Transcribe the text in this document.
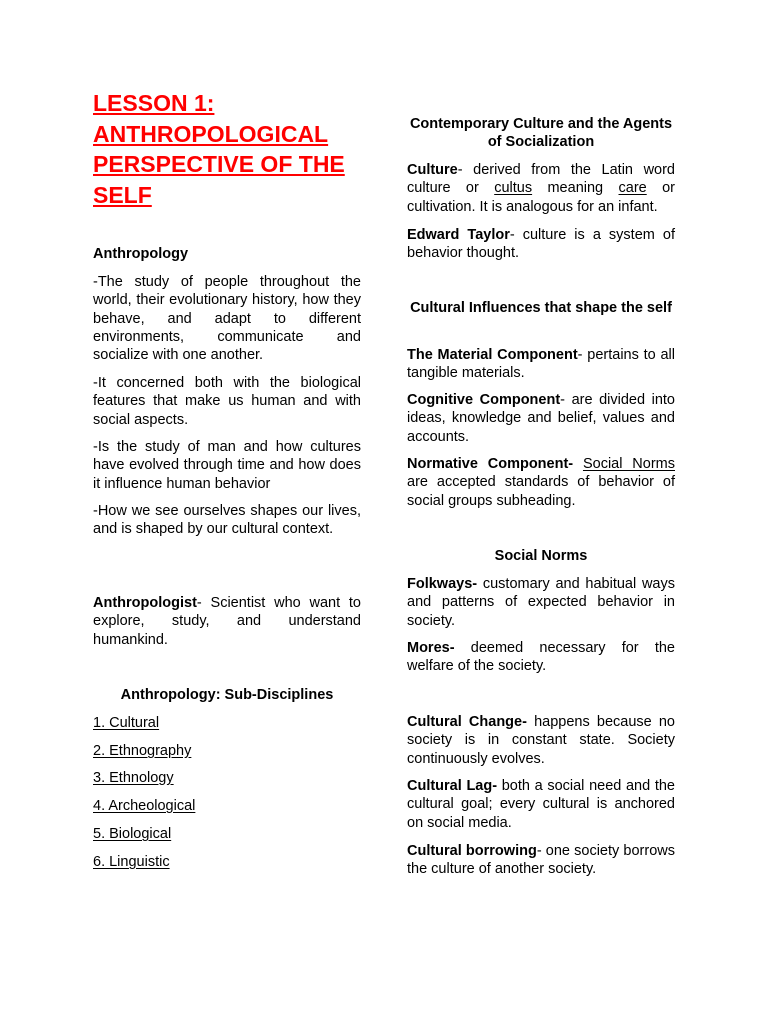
LESSON 1: ANTHROPOLOGICAL PERSPECTIVE OF THE SELF

Anthropology

-The study of people throughout the world, their evolutionary history, how they behave, and adapt to different environments, communicate and socialize with one another.

-It concerned both with the biological features that make us human and with social aspects.

-Is the study of man and how cultures have evolved through time and how does it influence human behavior

-How we see ourselves shapes our lives, and is shaped by our cultural context.

Anthropologist- Scientist who want to explore, study, and understand humankind.

Anthropology: Sub-Disciplines

1. Cultural

2. Ethnography

3. Ethnology

4. Archeological

5. Biological

6. Linguistic

Contemporary Culture and the Agents of Socialization

Culture- derived from the Latin word culture or cultus meaning care or cultivation. It is analogous for an infant.

Edward Taylor- culture is a system of behavior thought.

Cultural Influences that shape the self

The Material Component- pertains to all tangible materials.

Cognitive Component- are divided into ideas, knowledge and belief, values and accounts.

Normative Component- Social Norms are accepted standards of behavior of social groups subheading.

Social Norms

Folkways- customary and habitual ways and patterns of expected behavior in society.

Mores- deemed necessary for the welfare of the society.

Cultural Change- happens because no society is in constant state. Society continuously evolves.

Cultural Lag- both a social need and the cultural goal; every cultural is anchored on social media.

Cultural borrowing- one society borrows the culture of another society.
